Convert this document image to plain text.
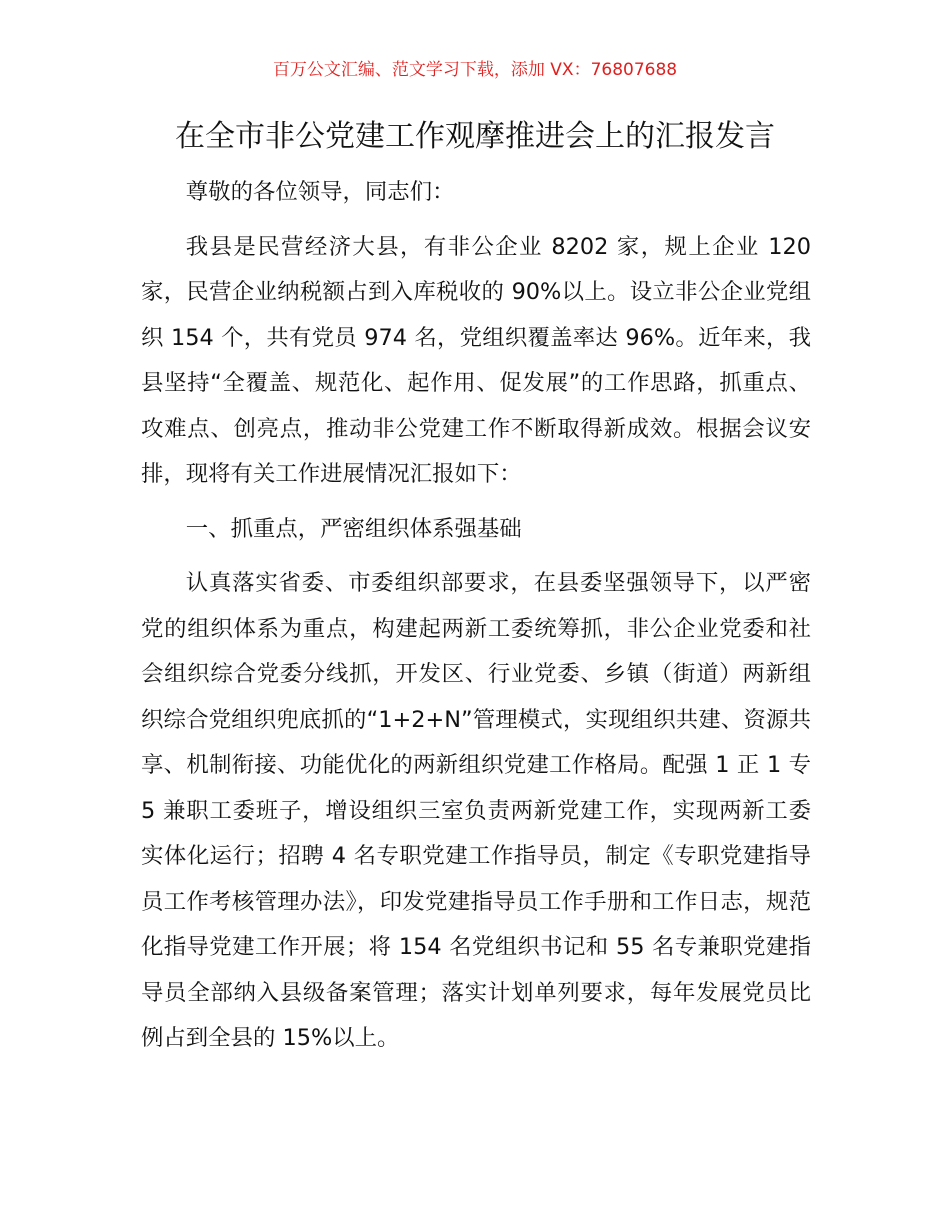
百万公文汇编、范文学习下载，添加 VX：76807688
在全市非公党建工作观摩推进会上的汇报发言

尊敬的各位领导，同志们：

我县是民营经济大县，有非公企业 8202 家，规上企业 120 家，民营企业纳税额占到入库税收的 90%以上。设立非公企业党组织 154 个，共有党员 974 名，党组织覆盖率达 96%。近年来，我县坚持“全覆盖、规范化、起作用、促发展”的工作思路，抓重点、攻难点、创亮点，推动非公党建工作不断取得新成效。根据会议安排，现将有关工作进展情况汇报如下：

一、抓重点，严密组织体系强基础

认真落实省委、市委组织部要求，在县委坚强领导下，以严密党的组织体系为重点，构建起两新工委统筹抓，非公企业党委和社会组织综合党委分线抓，开发区、行业党委、乡镇（街道）两新组织综合党组织兜底抓的“1+2+N”管理模式，实现组织共建、资源共享、机制衔接、功能优化的两新组织党建工作格局。配强 1 正 1 专 5 兼职工委班子，增设组织三室负责两新党建工作，实现两新工委实体化运行；招聘 4 名专职党建工作指导员，制定《专职党建指导员工作考核管理办法》，印发党建指导员工作手册和工作日志，规范化指导党建工作开展；将 154 名党组织书记和 55 名专兼职党建指导员全部纳入县级备案管理；落实计划单列要求，每年发展党员比例占到全县的 15%以上。
